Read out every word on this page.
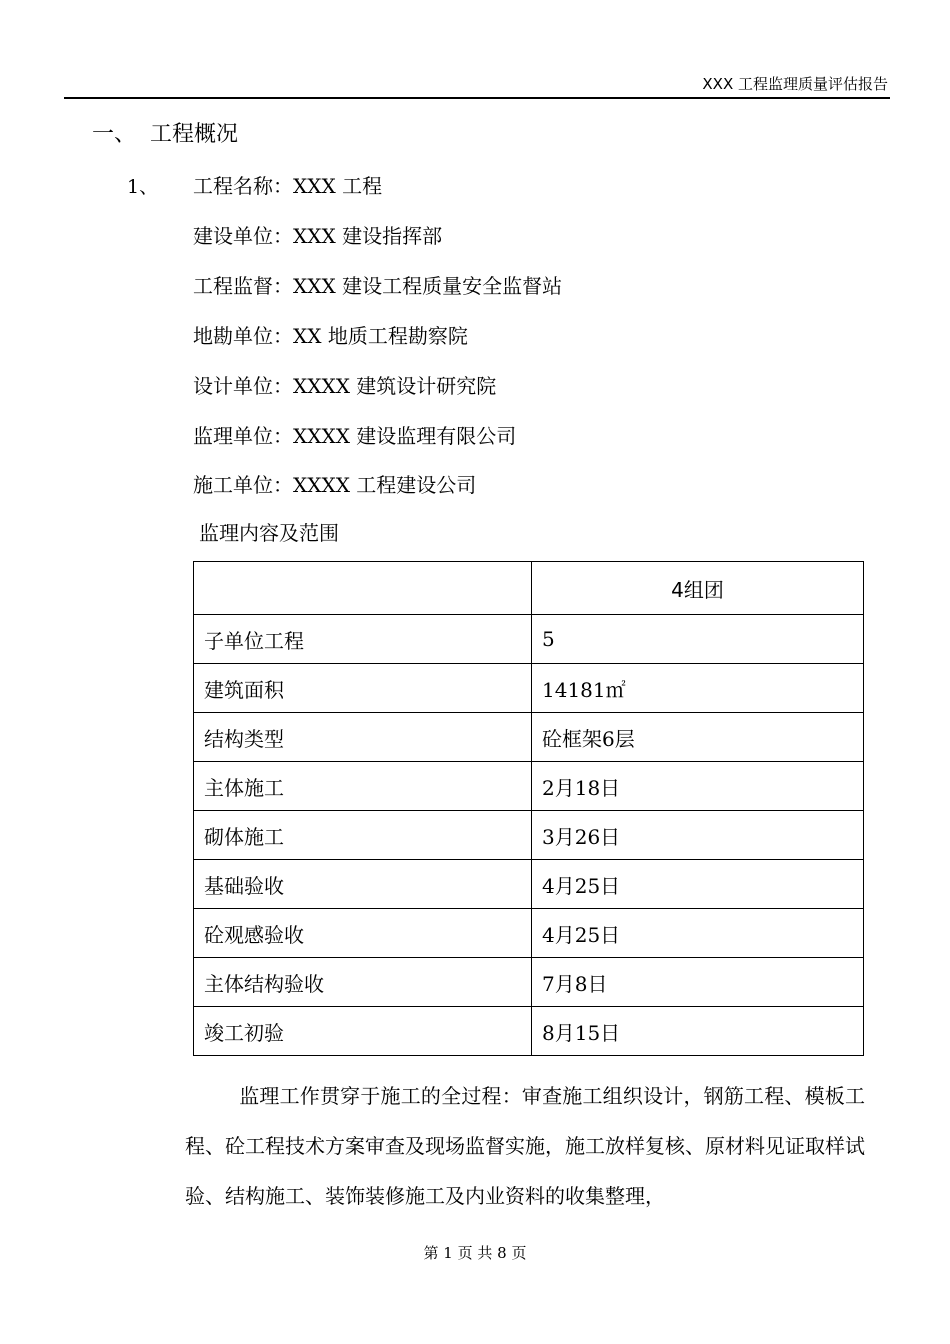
XXX 工程监理质量评估报告
一、 工程概况
1、 工程名称：XXX 工程
建设单位：XXX 建设指挥部
工程监督：XXX 建设工程质量安全监督站
地勘单位：XX 地质工程勘察院
设计单位：XXXX 建筑设计研究院
监理单位：XXXX 建设监理有限公司
施工单位：XXXX 工程建设公司
监理内容及范围
	4组团
子单位工程	5
建筑面积	14181㎡
结构类型	砼框架6层
主体施工	2月18日
砌体施工	3月26日
基础验收	4月25日
砼观感验收	4月25日
主体结构验收	7月8日
竣工初验	8月15日
监理工作贯穿于施工的全过程：审查施工组织设计，钢筋工程、模板工程、砼工程技术方案审查及现场监督实施，施工放样复核、原材料见证取样试验、结构施工、装饰装修施工及内业资料的收集整理，
第 1 页 共 8 页
